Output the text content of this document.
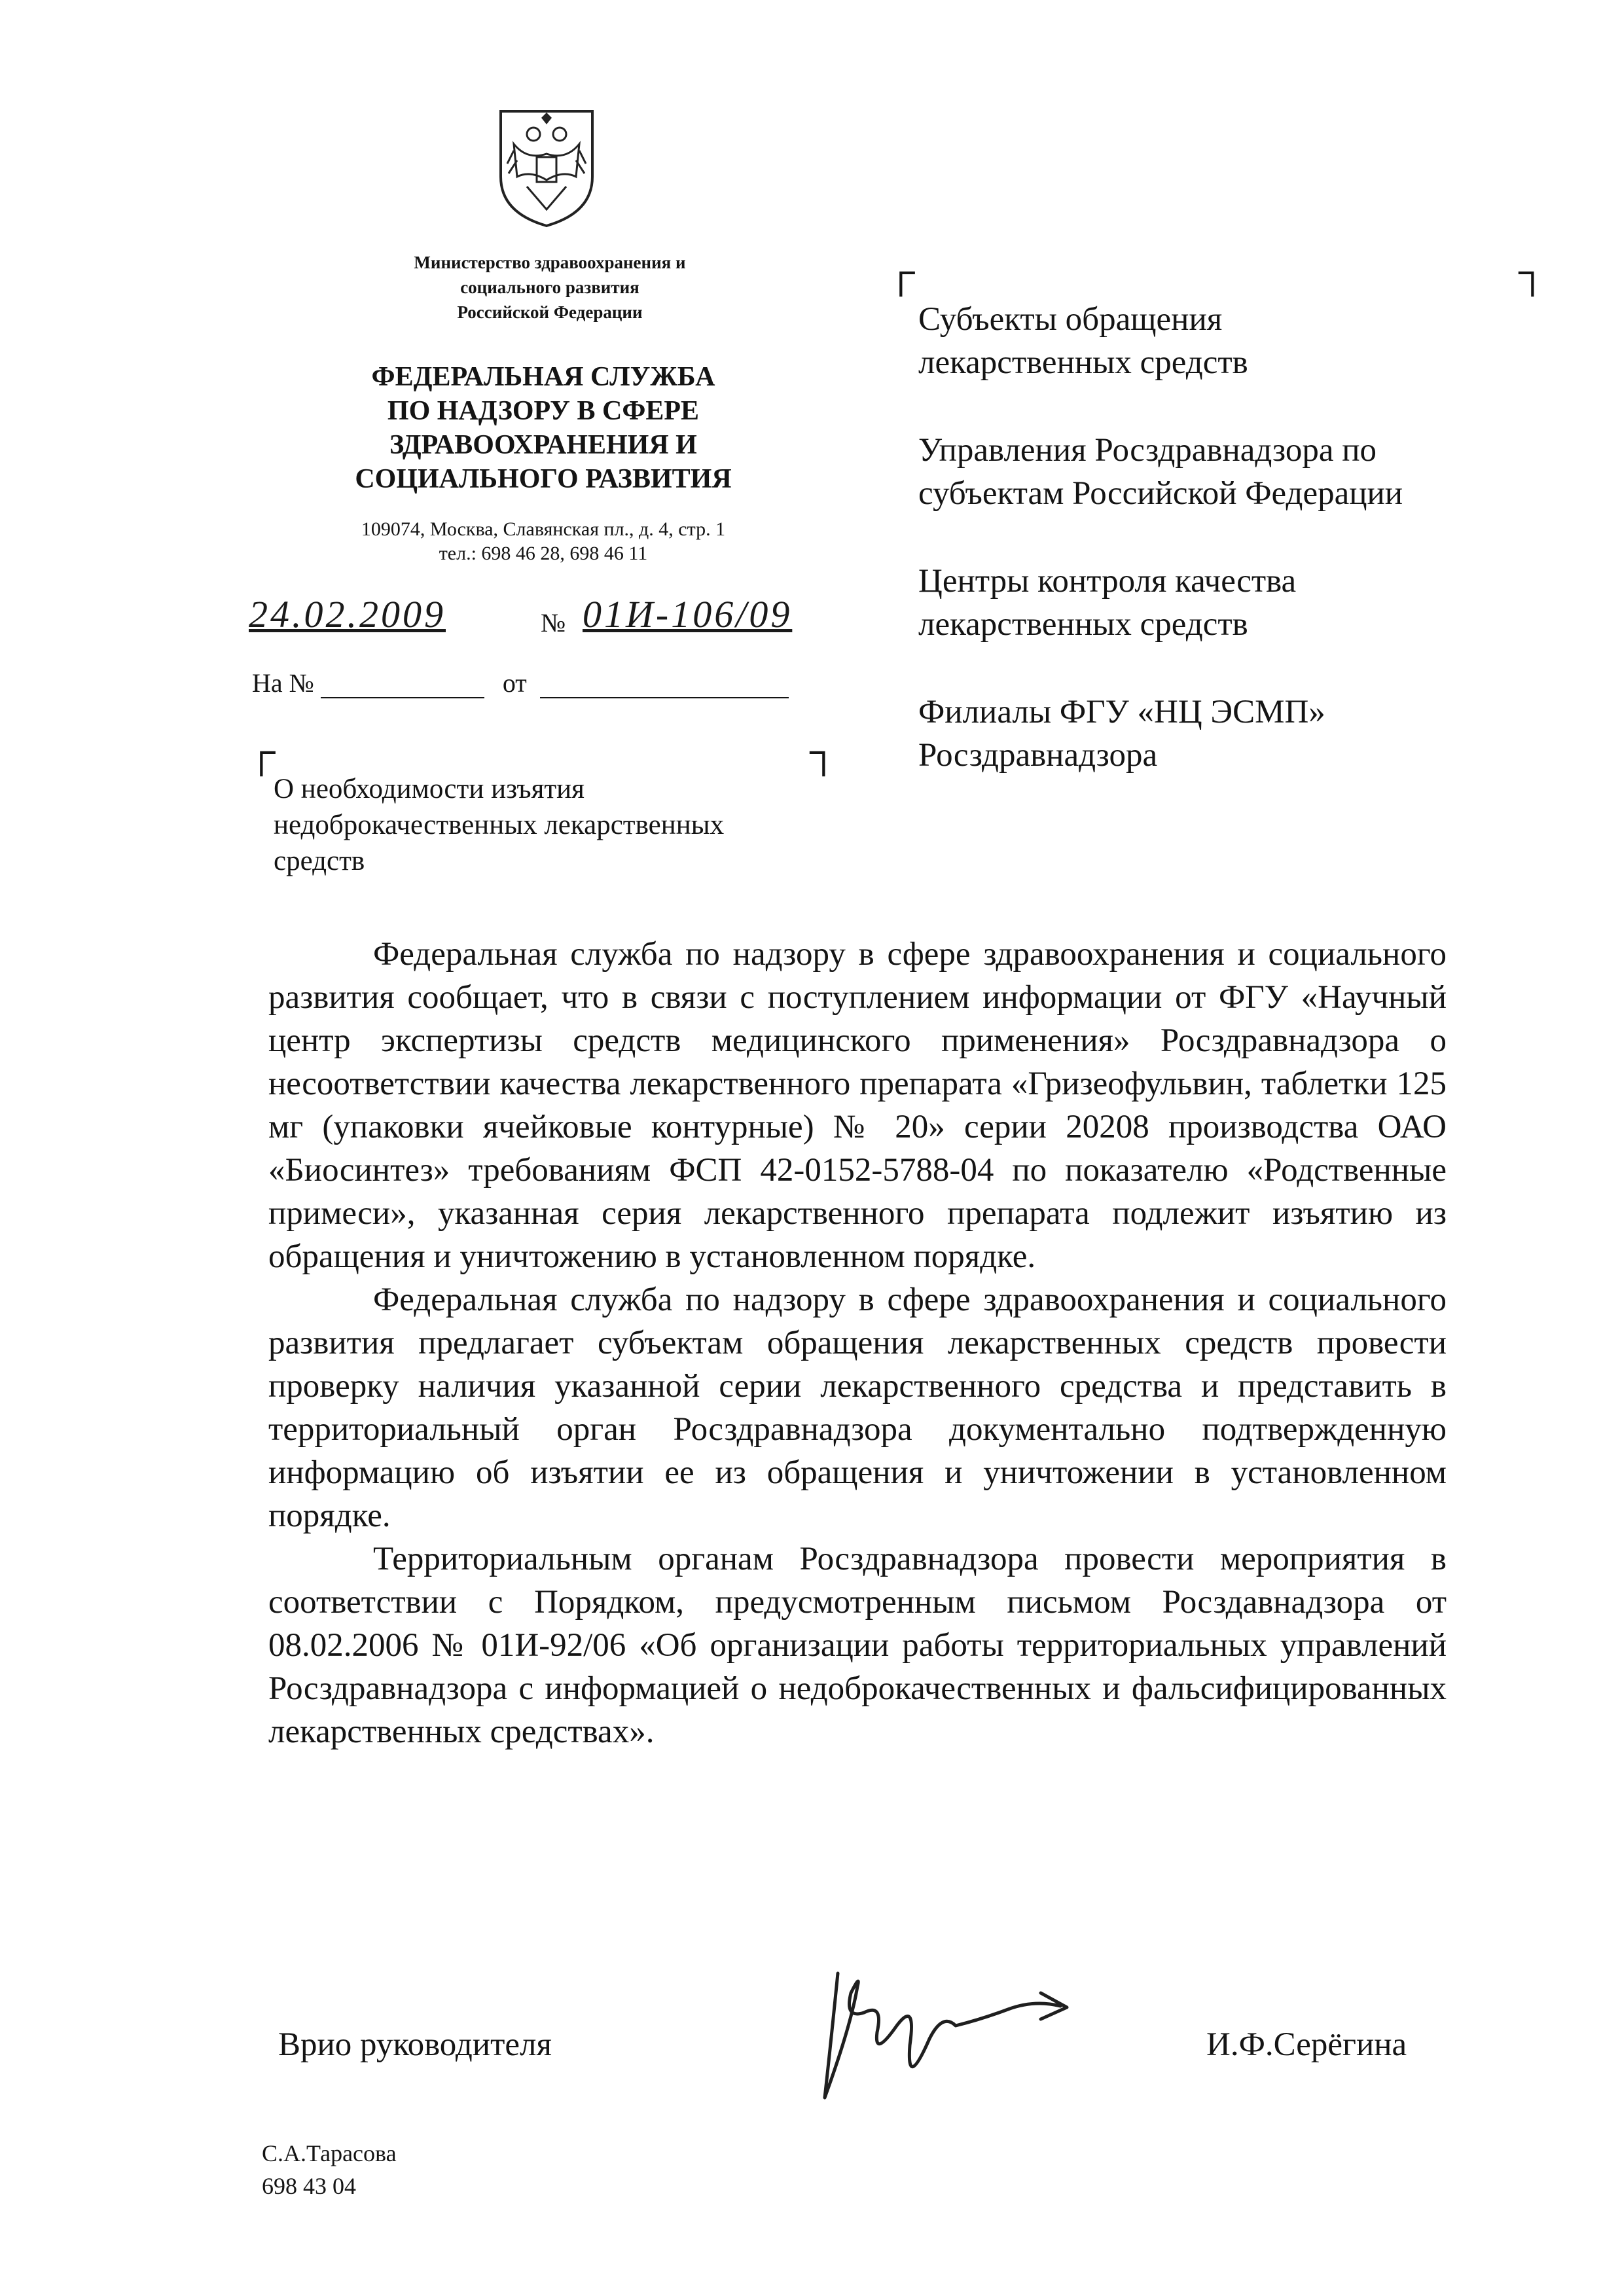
Министерство здравоохранения и
социального развития
Российской Федерации
ФЕДЕРАЛЬНАЯ СЛУЖБА
ПО НАДЗОРУ В СФЕРЕ
ЗДРАВООХРАНЕНИЯ И
СОЦИАЛЬНОГО РАЗВИТИЯ
109074, Москва, Славянская пл., д. 4, стр. 1
тел.: 698 46 28, 698 46 11
24.02.2009	№ 01И-106/09
На №	от
┌	┐
┌	┐
О необходимости изъятия
недоброкачественных лекарственных
средств
Субъекты обращения
лекарственных средств
Управления Росздравнадзора по
субъектам Российской Федерации
Центры контроля качества
лекарственных средств
Филиалы ФГУ «НЦ ЭСМП»
Росздравнадзора

Федеральная служба по надзору в сфере здравоохранения и социального развития сообщает, что в связи с поступлением информации от ФГУ «Научный центр экспертизы средств медицинского применения» Росздравнадзора о несоответствии качества лекарственного препарата «Гризеофульвин, таблетки 125 мг (упаковки ячейковые контурные) № 20» серии 20208 производства ОАО «Биосинтез» требованиям ФСП 42-0152-5788-04 по показателю «Родственные примеси», указанная серия лекарственного препарата подлежит изъятию из обращения и уничтожению в установленном порядке.

Федеральная служба по надзору в сфере здравоохранения и социального развития предлагает субъектам обращения лекарственных средств провести проверку наличия указанной серии лекарственного средства и представить в территориальный орган Росздравнадзора документально подтвержденную информацию об изъятии ее из обращения и уничтожении в установленном порядке.

Территориальным органам Росздравнадзора провести мероприятия в соответствии с Порядком, предусмотренным письмом Росздавнадзора от 08.02.2006 № 01И-92/06 «Об организации работы территориальных управлений Росздравнадзора с информацией о недоброкачественных и фальсифицированных лекарственных средствах».

Врио руководителя	И.Ф.Серёгина
С.А.Тарасова
698 43 04
